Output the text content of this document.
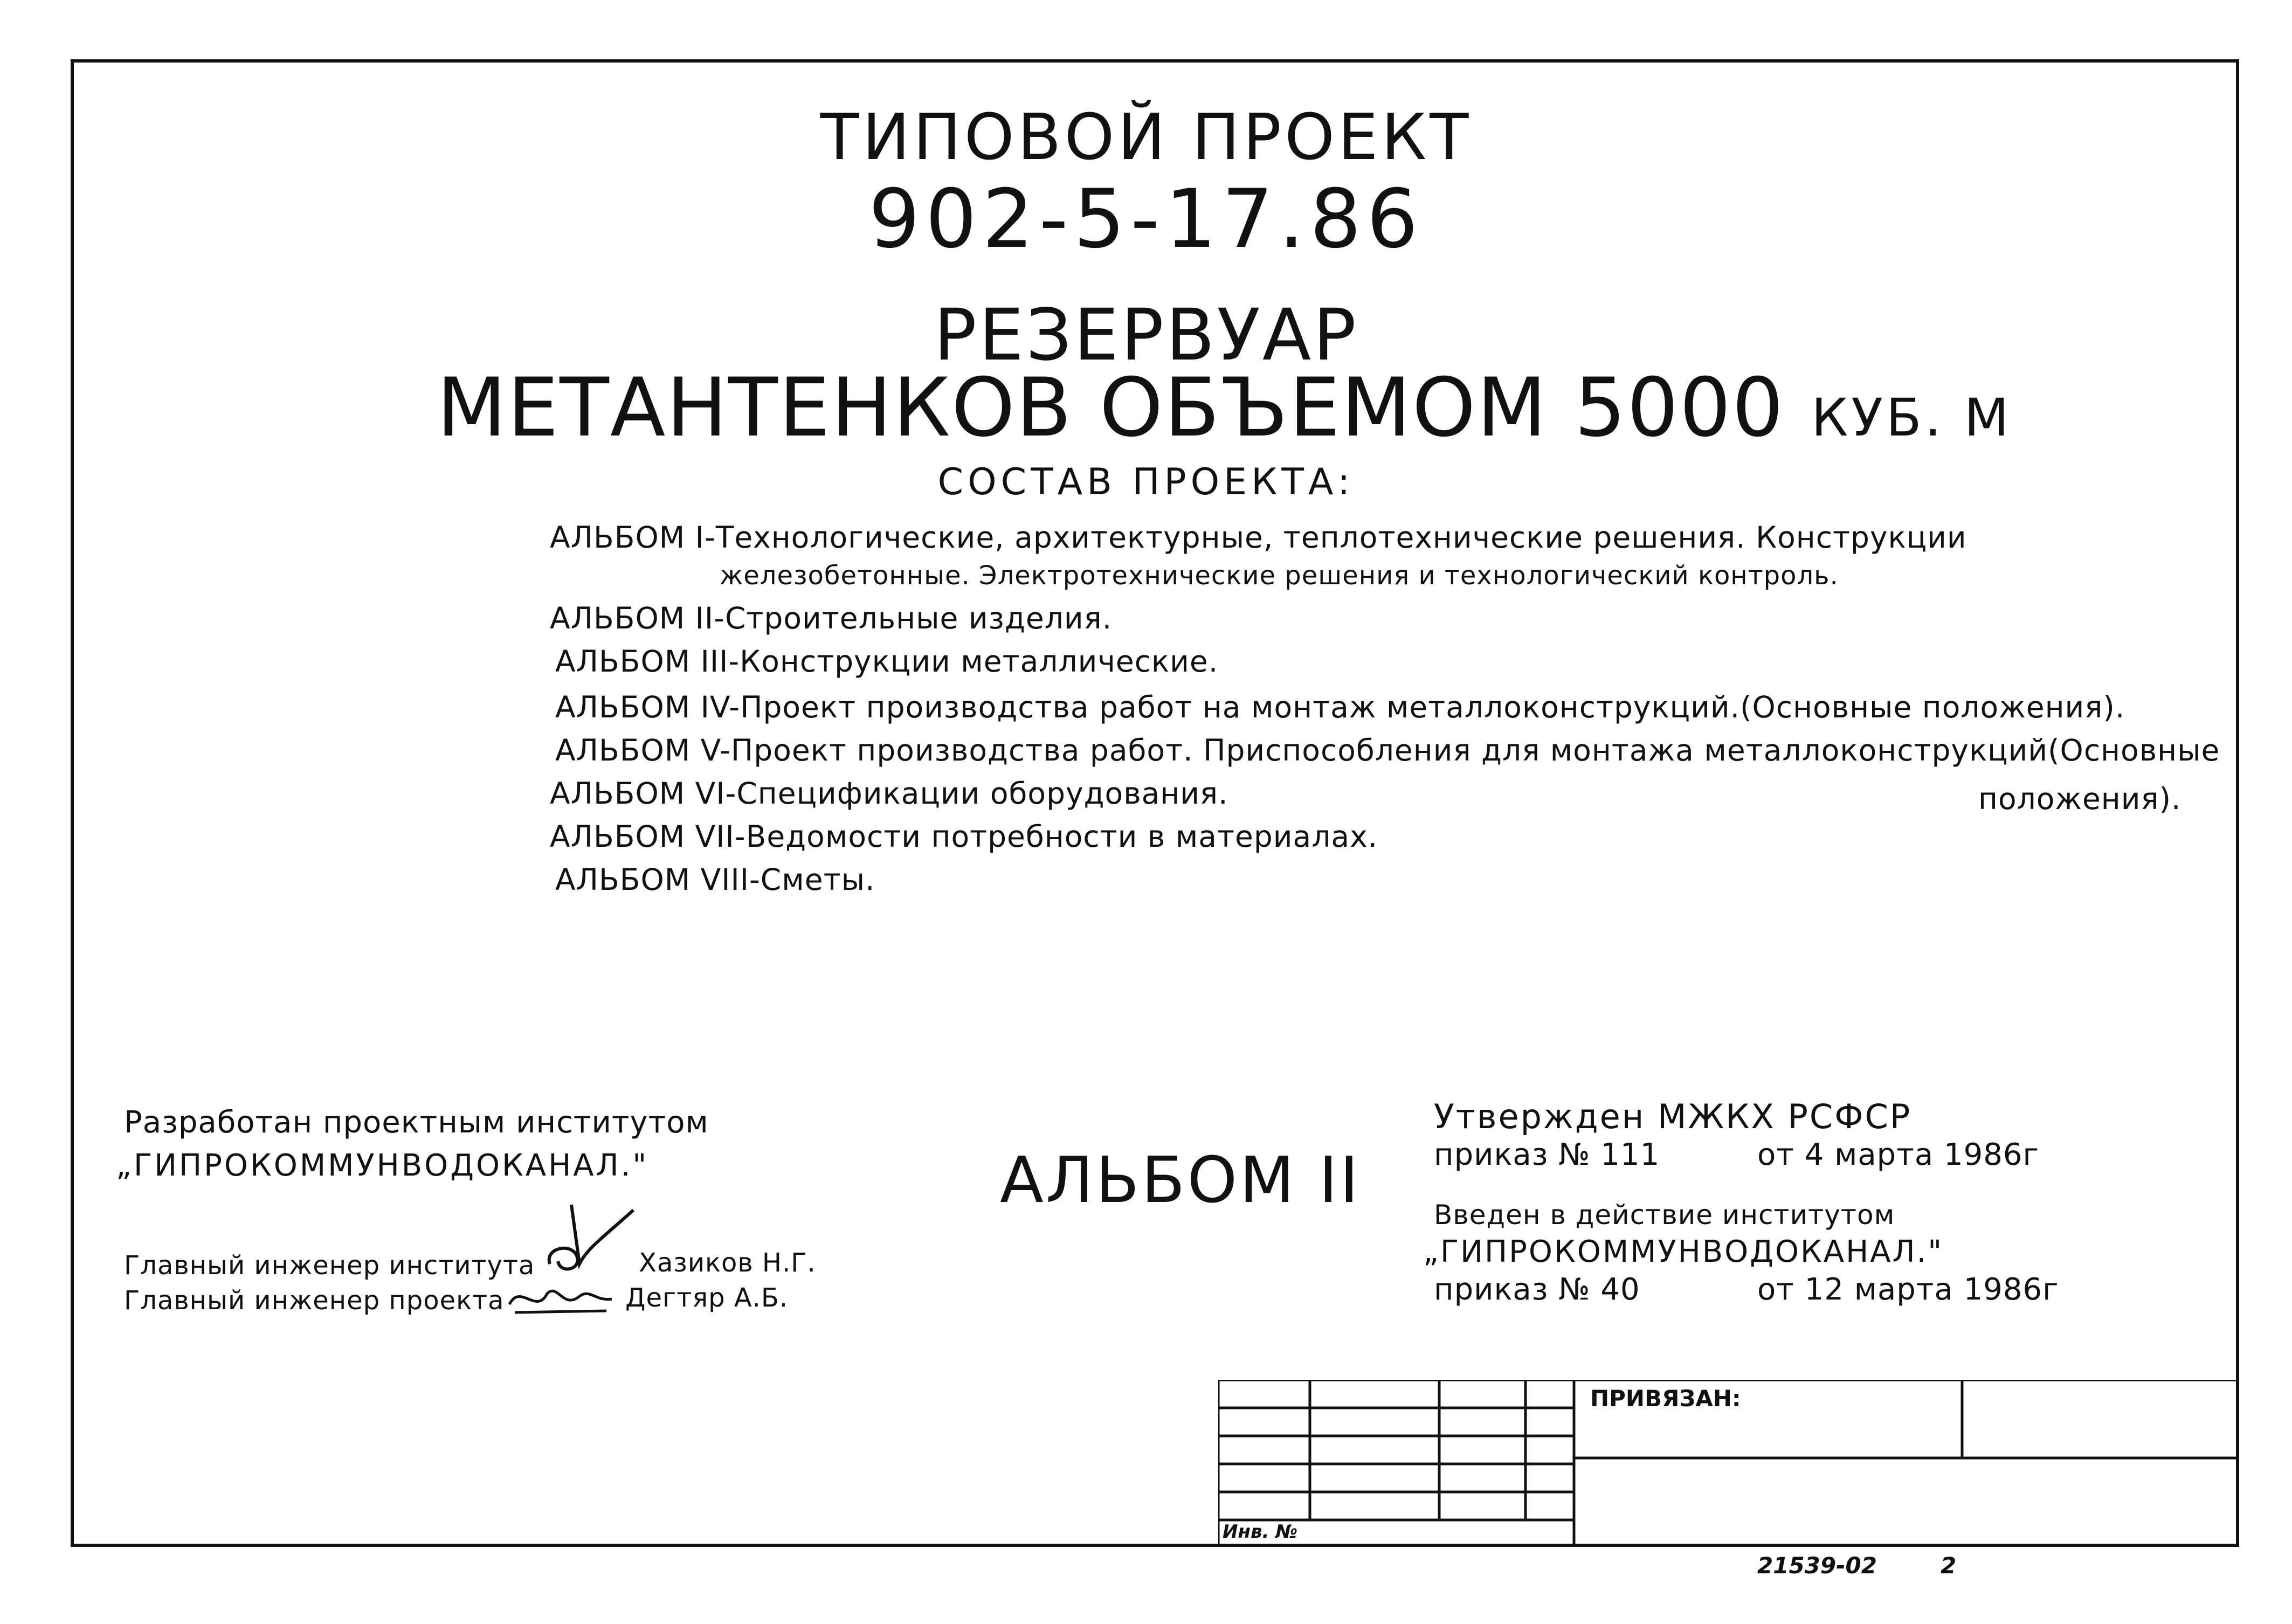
ТИПОВОЙ ПРОЕКТ
902-5-17.86
РЕЗЕРВУАР
МЕТАНТЕНКОВ ОБЪЕМОМ 5000 КУБ. М
СОСТАВ ПРОЕКТА:
АЛЬБОМ I-Технологические, архитектурные, теплотехнические решения. Конструкции
железобетонные. Электротехнические решения и технологический контроль.
АЛЬБОМ II-Строительные изделия.
АЛЬБОМ III-Конструкции металлические.
АЛЬБОМ IV-Проект производства работ на монтаж металлоконструкций.(Основные положения).
АЛЬБОМ V-Проект производства работ. Приспособления для монтажа металлоконструкций(Основные
положения).
АЛЬБОМ VI-Спецификации оборудования.
АЛЬБОМ VII-Ведомости потребности в материалах.
АЛЬБОМ VIII-Сметы.
Разработан проектным институтом
„ГИПРОКОММУНВОДОКАНАЛ."
Главный инженер института	Хазиков Н.Г.
Главный инженер проекта	Дегтяр А.Б.
АЛЬБОМ II
Утвержден МЖКХ РСФСР
приказ № 111	от 4 марта 1986г
Введен в действие институтом
„ГИПРОКОММУНВОДОКАНАЛ."
приказ № 40	от 12 марта 1986г
ПРИВЯЗАН:
Инв. №
21539-02	2
